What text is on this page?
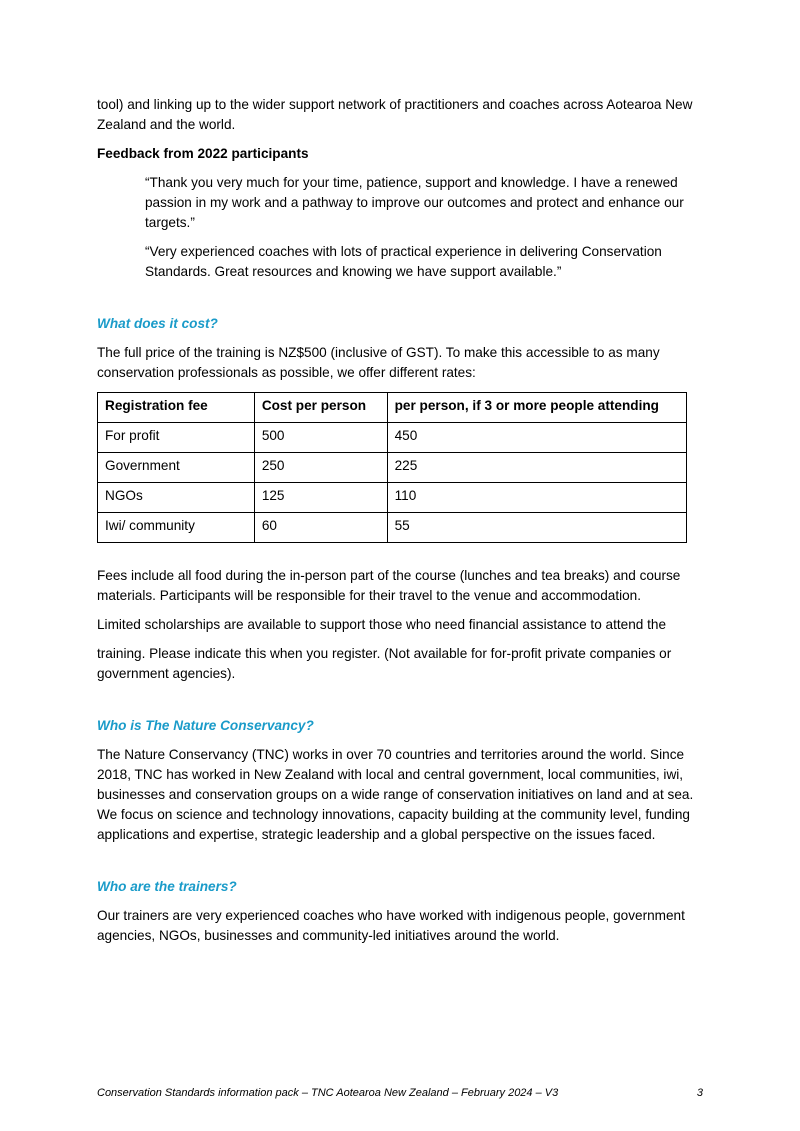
tool) and linking up to the wider support network of practitioners and coaches across Aotearoa New Zealand and the world.

Feedback from 2022 participants

“Thank you very much for your time, patience, support and knowledge. I have a renewed passion in my work and a pathway to improve our outcomes and protect and enhance our targets.”

“Very experienced coaches with lots of practical experience in delivering Conservation Standards. Great resources and knowing we have support available.”

What does it cost?

The full price of the training is NZ$500 (inclusive of GST). To make this accessible to as many conservation professionals as possible, we offer different rates:

Registration fee	Cost per person	per person, if 3 or more people attending
For profit	500	450
Government	250	225
NGOs	125	110
Iwi/ community	60	55

Fees include all food during the in-person part of the course (lunches and tea breaks) and course materials. Participants will be responsible for their travel to the venue and accommodation.

Limited scholarships are available to support those who need financial assistance to attend the

training. Please indicate this when you register. (Not available for for-profit private companies or government agencies).

Who is The Nature Conservancy?

The Nature Conservancy (TNC) works in over 70 countries and territories around the world. Since 2018, TNC has worked in New Zealand with local and central government, local communities, iwi, businesses and conservation groups on a wide range of conservation initiatives on land and at sea. We focus on science and technology innovations, capacity building at the community level, funding applications and expertise, strategic leadership and a global perspective on the issues faced.

Who are the trainers?

Our trainers are very experienced coaches who have worked with indigenous people, government agencies, NGOs, businesses and community-led initiatives around the world.

Conservation Standards information pack – TNC Aotearoa New Zealand – February 2024 – V3	3
